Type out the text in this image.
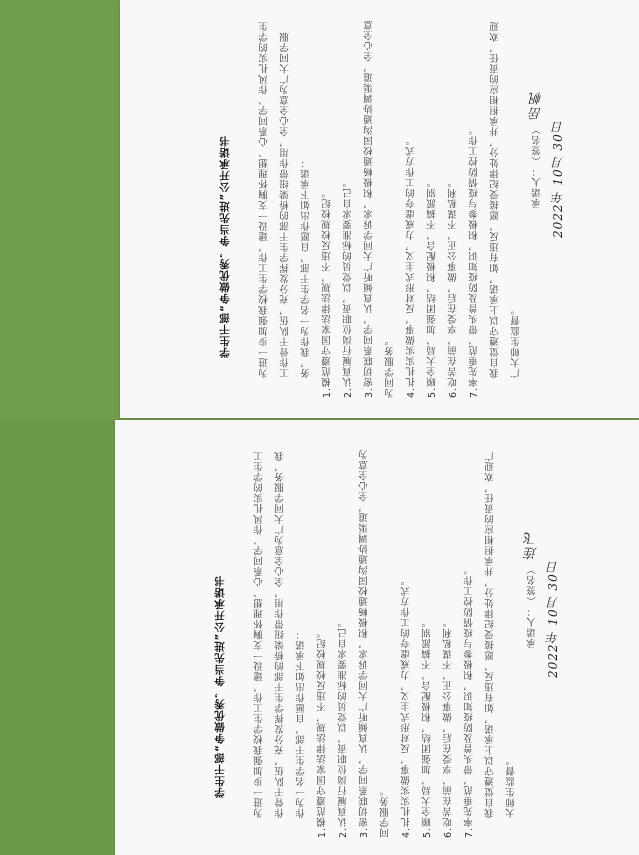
学生干部“争做优秀，争当先进”公开承诺书	为进一步加强我校学生工作，建设一支胸怀理想、心系同学、作风扎实的学生工作骨干队伍，充分发挥学生干部的桥梁纽带作用，全心全意为广大同学服务，我作为一名学生干部，自愿作出如下承诺：	1.模范遵守国家法律法规，不违反校规校纪。	2.认真履行岗位职责，以党员的标准要求自己。	3.密切联系同学，认真倾听广大同学诉求，积极畅通校园沟通协调渠道，全心全意为同学服务。	4.扎扎实实做事，反对形式主义，力戒虚夸的工作方式。	5.顾全大局，加强团结，积极配合，不搞派别。	6.吃苦在前，享受在后，做事公正，不谋私利。	7.率先垂范，带头普及防疫知识，积极参与疫情防控工作。	我自觉遵守以上承诺，如有违反，愿接受纪律处分，并承担相应的责任，欢迎广大师生监督。
承诺人：（签名） 岳帆
2022年 10月 30日
学生干部“争做优秀，争当先进”公开承诺书	为进一步加强我校学生工作，建设一支胸怀理想、心系同学、作风扎实的学生工作骨干队伍，充分发挥学生干部的桥梁纽带作用，全心全意为广大同学服务，我作为一名学生干部，自愿作出如下承诺：	1.模范遵守国家法律法规，不违反校规校纪。	2.认真履行岗位职责，以党员的标准要求自己。	3.密切联系同学，认真倾听广大同学诉求，积极畅通校园沟通协调渠道，全心全意为同学服务。	4.扎扎实实做事，反对形式主义，力戒虚夸的工作方式。	5.顾全大局，加强团结，积极配合，不搞派别。	6.吃苦在前，享受在后，做事公正，不谋私利。	7.率先垂范，带头普及防疫知识，积极参与疫情防控工作。	我自觉遵守以上承诺，如有违反，愿接受纪律处分，并承担相应的责任，欢迎广大师生监督。
承诺人：（签名） 连飞
2022年 10月 30日
